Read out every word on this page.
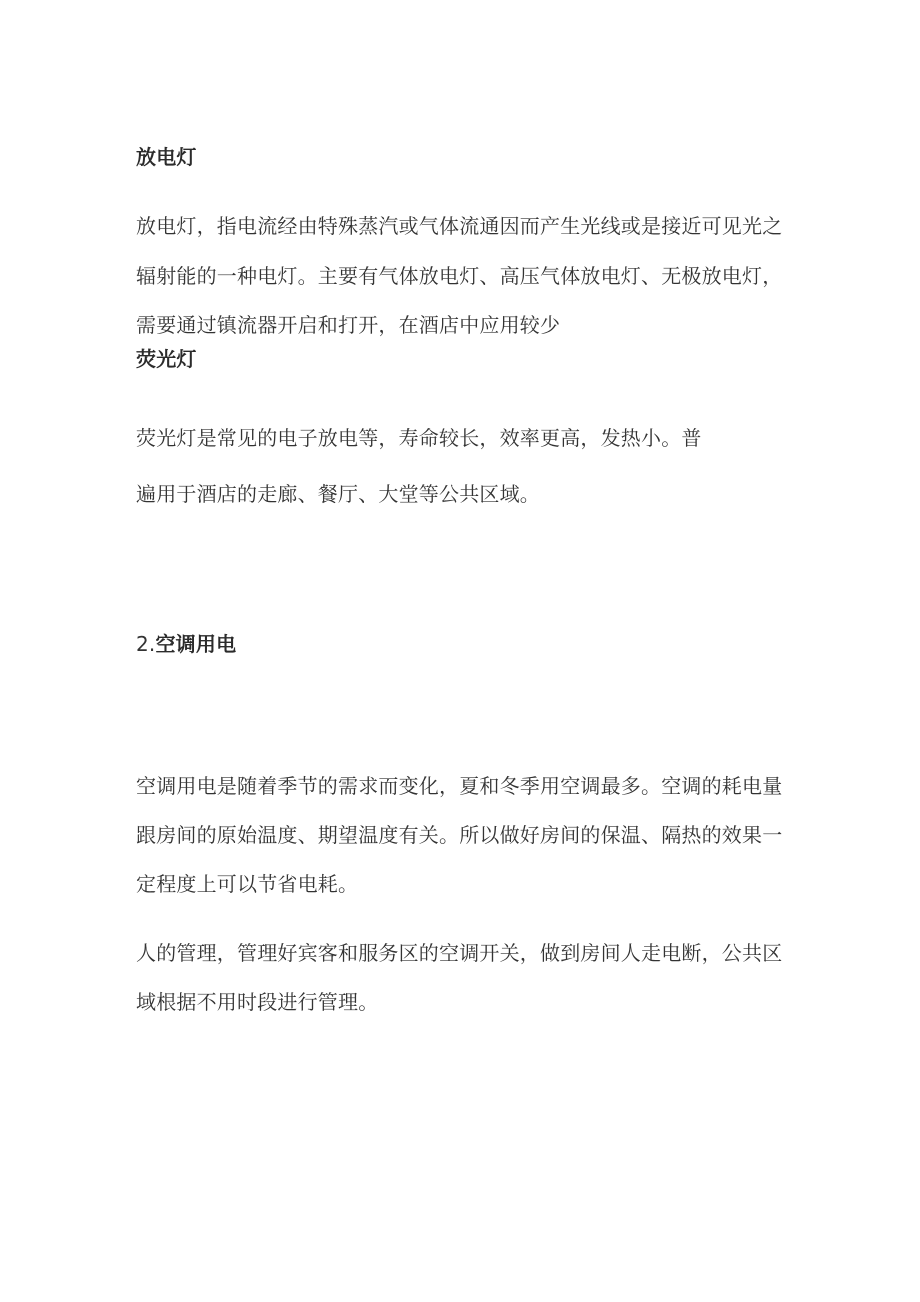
放电灯

放电灯，指电流经由特殊蒸汽或气体流通因而产生光线或是接近可见光之

辐射能的一种电灯。主要有气体放电灯、高压气体放电灯、无极放电灯，

需要通过镇流器开启和打开，在酒店中应用较少

荧光灯

荧光灯是常见的电子放电等，寿命较长，效率更高，发热小。普

遍用于酒店的走廊、餐厅、大堂等公共区域。

2.空调用电

空调用电是随着季节的需求而变化，夏和冬季用空调最多。空调的耗电量

跟房间的原始温度、期望温度有关。所以做好房间的保温、隔热的效果一

定程度上可以节省电耗。

人的管理，管理好宾客和服务区的空调开关，做到房间人走电断，公共区

域根据不用时段进行管理。
